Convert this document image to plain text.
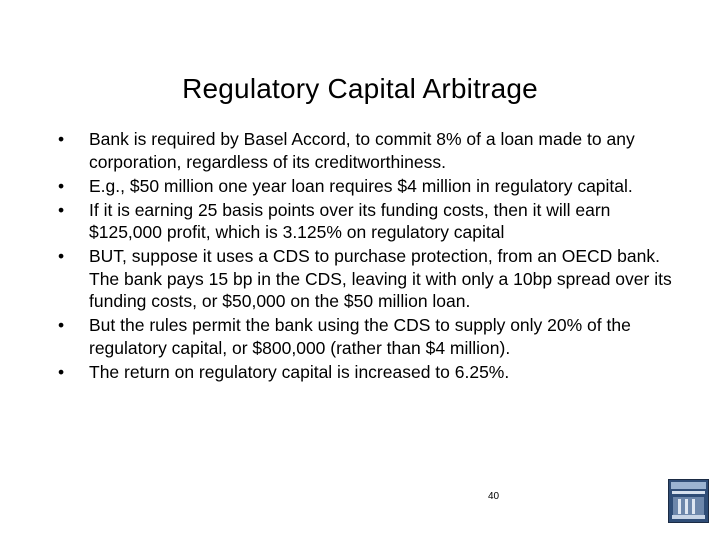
Regulatory Capital Arbitrage
•	Bank is required by Basel Accord, to commit 8% of a loan made to any corporation, regardless of its creditworthiness.
•	E.g., $50 million one year loan requires $4 million in regulatory capital.
•	If it is earning 25 basis points over its funding costs, then it will earn $125,000 profit, which is 3.125% on regulatory capital
•	BUT, suppose it uses a CDS to purchase protection, from an OECD bank. The bank pays 15 bp in the CDS, leaving it with only a 10bp spread over its funding costs, or $50,000 on the $50 million loan.
•	But the rules permit the bank using the CDS to supply only 20% of the regulatory capital, or $800,000 (rather than $4 million).
•	The return on regulatory capital is increased to 6.25%.
40
